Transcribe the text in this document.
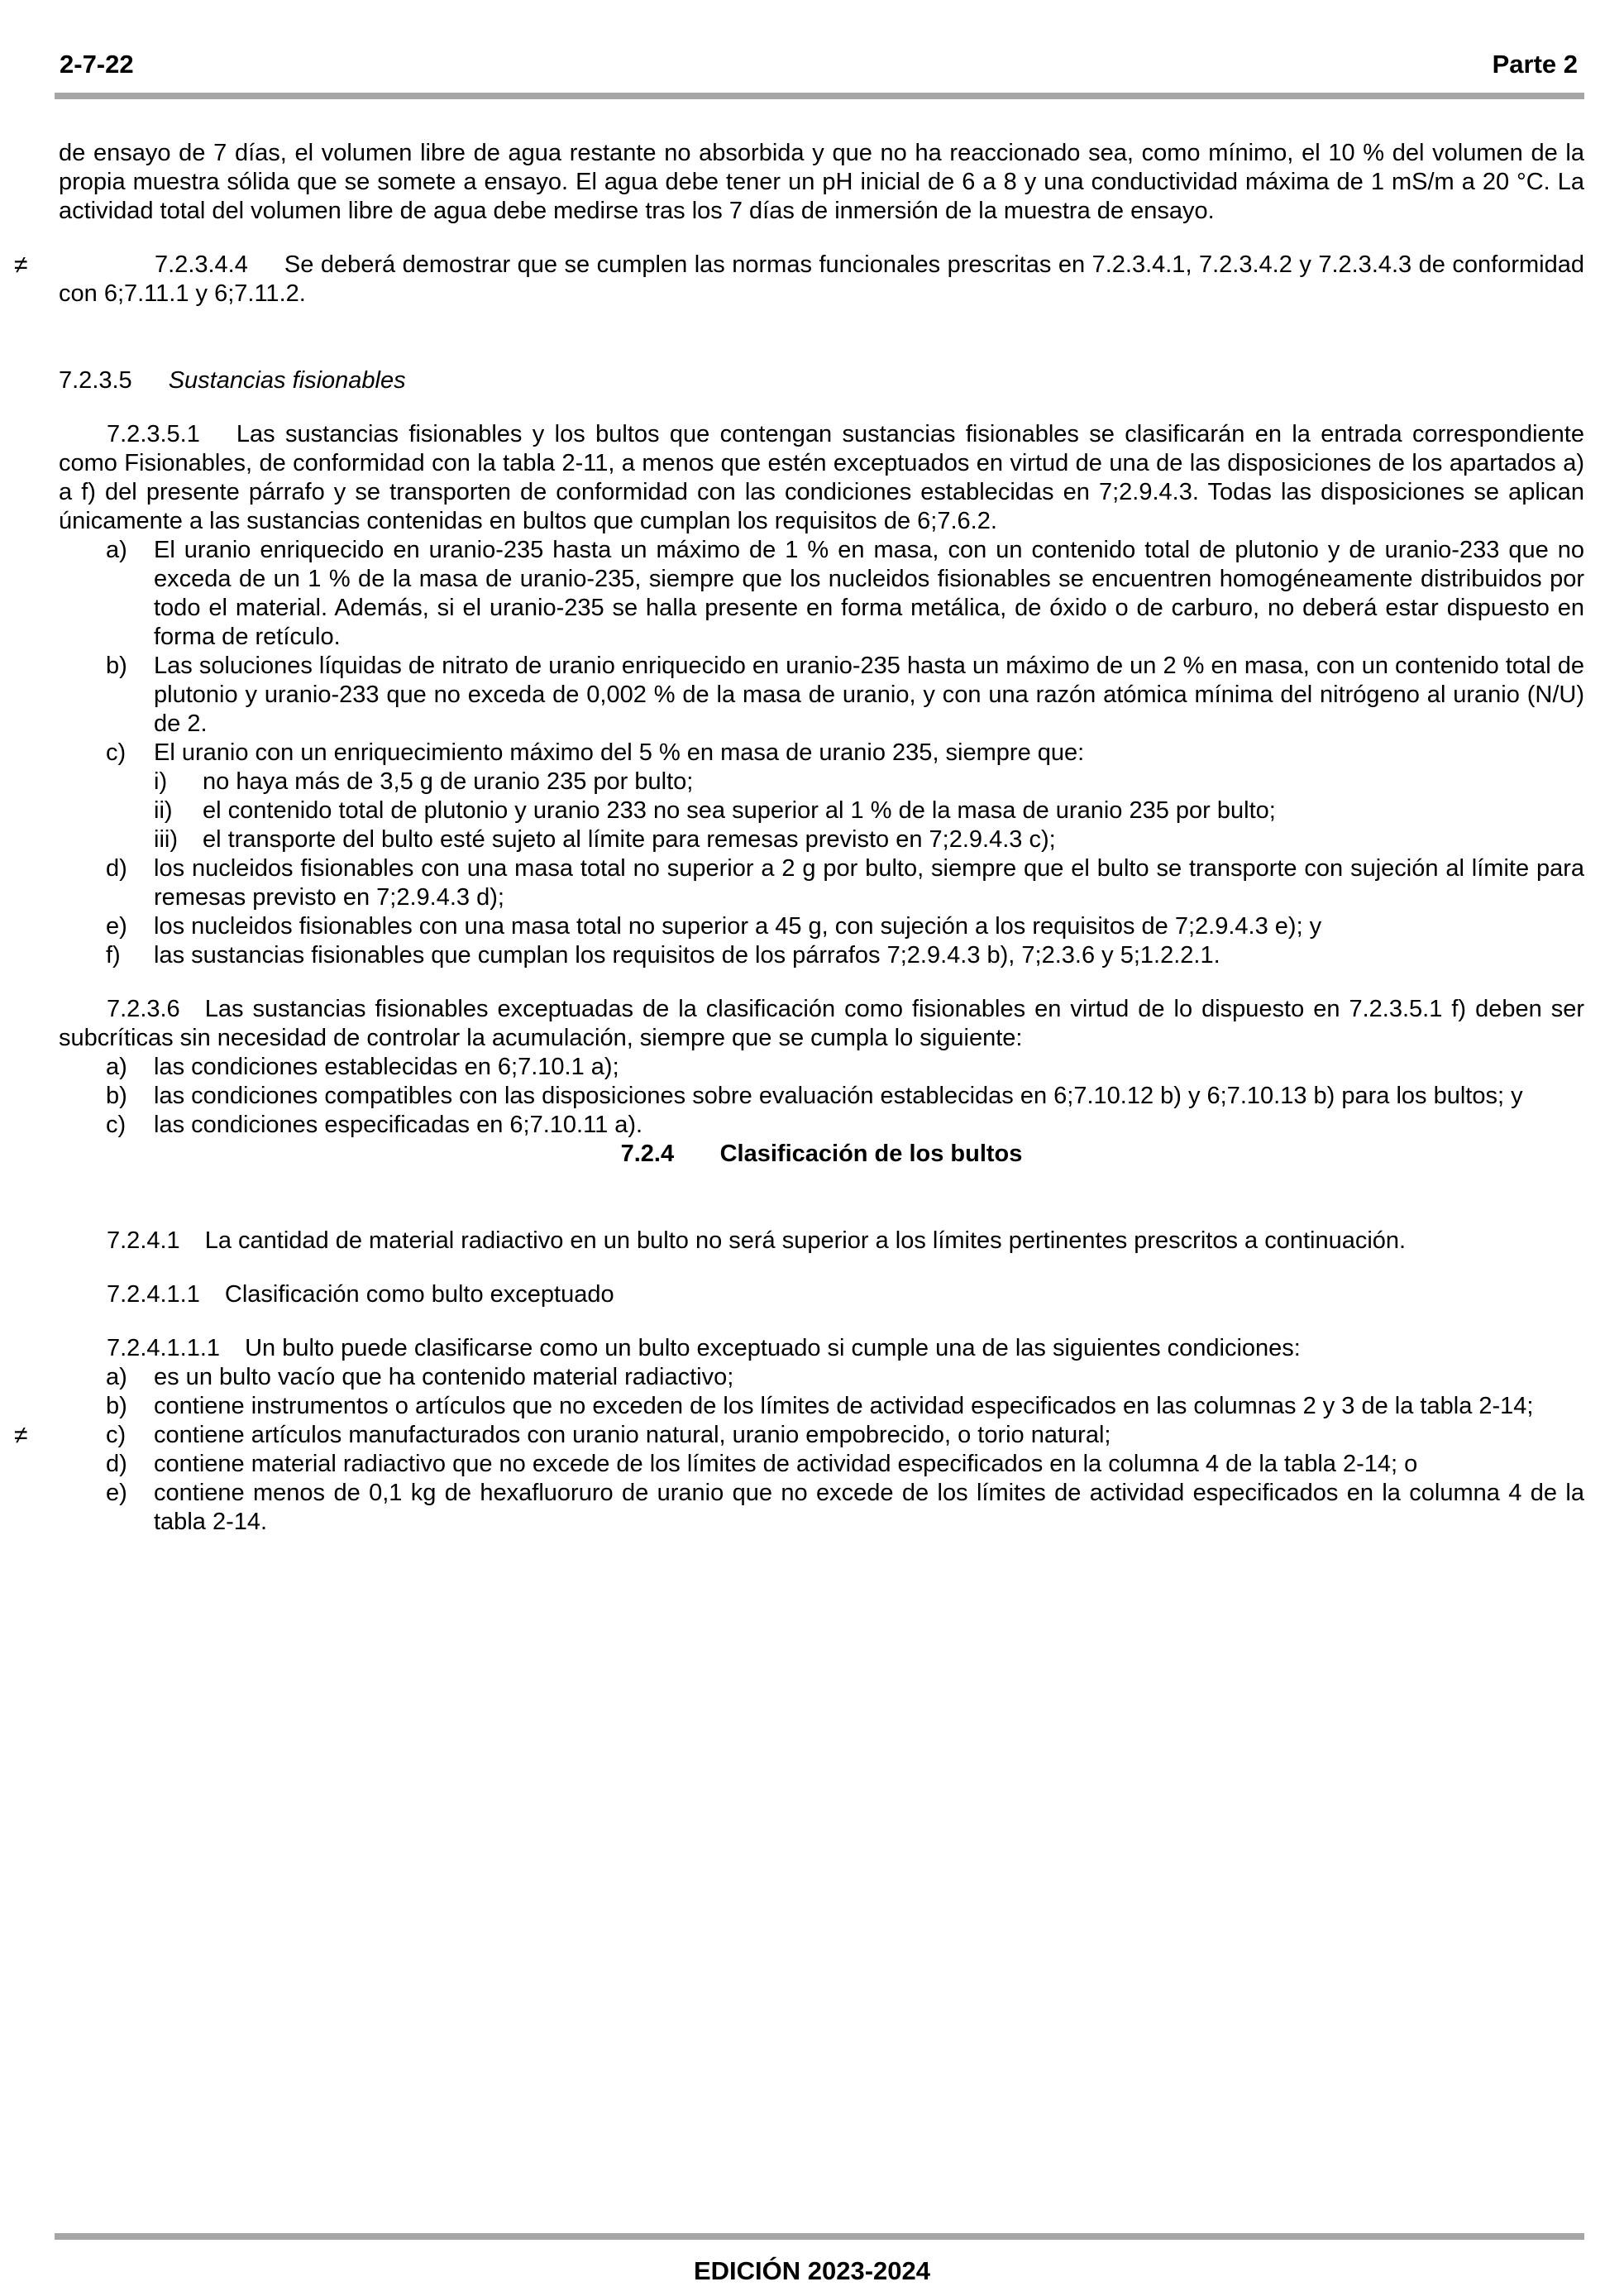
2-7-22	Parte 2

de ensayo de 7 días, el volumen libre de agua restante no absorbida y que no ha reaccionado sea, como mínimo, el 10 % del volumen de la propia muestra sólida que se somete a ensayo. El agua debe tener un pH inicial de 6 a 8 y una conductividad máxima de 1 mS/m a 20 °C. La actividad total del volumen libre de agua debe medirse tras los 7 días de inmersión de la muestra de ensayo.

≠	7.2.3.4.4 Se deberá demostrar que se cumplen las normas funcionales prescritas en 7.2.3.4.1, 7.2.3.4.2 y 7.2.3.4.3 de conformidad con 6;7.11.1 y 6;7.11.2.

7.2.3.5 Sustancias fisionables

7.2.3.5.1 Las sustancias fisionables y los bultos que contengan sustancias fisionables se clasificarán en la entrada correspondiente como Fisionables, de conformidad con la tabla 2-11, a menos que estén exceptuados en virtud de una de las disposiciones de los apartados a) a f) del presente párrafo y se transporten de conformidad con las condiciones establecidas en 7;2.9.4.3. Todas las disposiciones se aplican únicamente a las sustancias contenidas en bultos que cumplan los requisitos de 6;7.6.2.

a) El uranio enriquecido en uranio-235 hasta un máximo de 1 % en masa, con un contenido total de plutonio y de uranio-233 que no exceda de un 1 % de la masa de uranio-235, siempre que los nucleidos fisionables se encuentren homogéneamente distribuidos por todo el material. Además, si el uranio-235 se halla presente en forma metálica, de óxido o de carburo, no deberá estar dispuesto en forma de retículo.

b) Las soluciones líquidas de nitrato de uranio enriquecido en uranio-235 hasta un máximo de un 2 % en masa, con un contenido total de plutonio y uranio-233 que no exceda de 0,002 % de la masa de uranio, y con una razón atómica mínima del nitrógeno al uranio (N/U) de 2.

c) El uranio con un enriquecimiento máximo del 5 % en masa de uranio 235, siempre que:

i) no haya más de 3,5 g de uranio 235 por bulto;

ii) el contenido total de plutonio y uranio 233 no sea superior al 1 % de la masa de uranio 235 por bulto;

iii) el transporte del bulto esté sujeto al límite para remesas previsto en 7;2.9.4.3 c);

d) los nucleidos fisionables con una masa total no superior a 2 g por bulto, siempre que el bulto se transporte con sujeción al límite para remesas previsto en 7;2.9.4.3 d);

e) los nucleidos fisionables con una masa total no superior a 45 g, con sujeción a los requisitos de 7;2.9.4.3 e); y

f) las sustancias fisionables que cumplan los requisitos de los párrafos 7;2.9.4.3 b), 7;2.3.6 y 5;1.2.2.1.

7.2.3.6 Las sustancias fisionables exceptuadas de la clasificación como fisionables en virtud de lo dispuesto en 7.2.3.5.1 f) deben ser subcríticas sin necesidad de controlar la acumulación, siempre que se cumpla lo siguiente:

a) las condiciones establecidas en 6;7.10.1 a);

b) las condiciones compatibles con las disposiciones sobre evaluación establecidas en 6;7.10.12 b) y 6;7.10.13 b) para los bultos; y

c) las condiciones especificadas en 6;7.10.11 a).

7.2.4 Clasificación de los bultos

7.2.4.1 La cantidad de material radiactivo en un bulto no será superior a los límites pertinentes prescritos a continuación.

7.2.4.1.1 Clasificación como bulto exceptuado

7.2.4.1.1.1 Un bulto puede clasificarse como un bulto exceptuado si cumple una de las siguientes condiciones:

a) es un bulto vacío que ha contenido material radiactivo;

b) contiene instrumentos o artículos que no exceden de los límites de actividad especificados en las columnas 2 y 3 de la tabla 2-14;

≠	c) contiene artículos manufacturados con uranio natural, uranio empobrecido, o torio natural;

d) contiene material radiactivo que no excede de los límites de actividad especificados en la columna 4 de la tabla 2-14; o

e) contiene menos de 0,1 kg de hexafluoruro de uranio que no excede de los límites de actividad especificados en la columna 4 de la tabla 2-14.

EDICIÓN 2023-2024
